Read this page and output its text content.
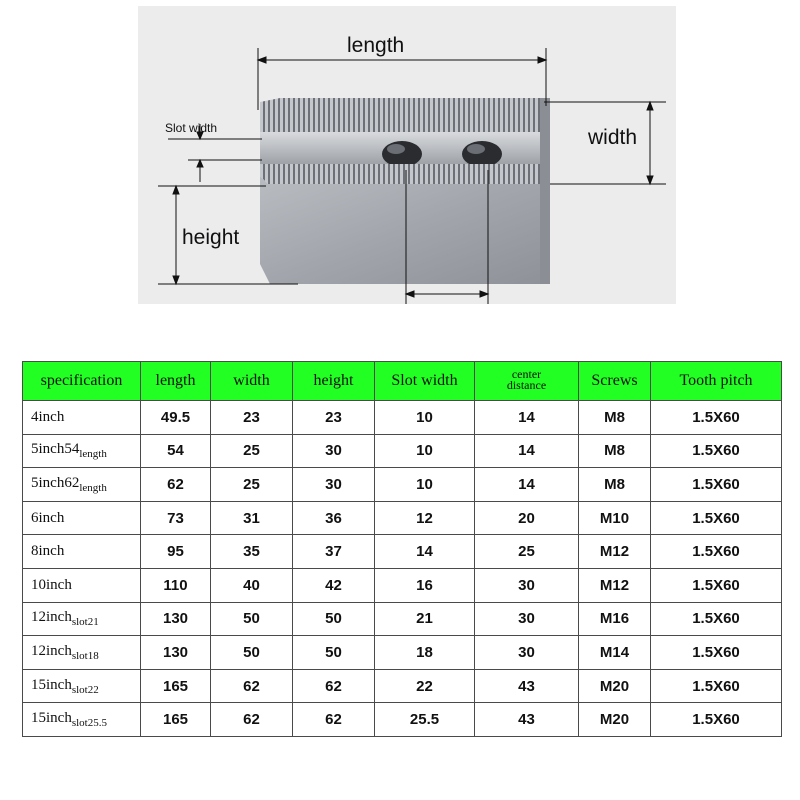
length
width
height
Slot width
specification	length	width	height	Slot width	center distance	Screws	Tooth pitch
4inch	49.5	23	23	10	14	M8	1.5X60
$5inch54_{length}$	54	25	30	10	14	M8	1.5X60
$5inch62_{length}$	62	25	30	10	14	M8	1.5X60
6inch	73	31	36	12	20	M10	1.5X60
8inch	95	35	37	14	25	M12	1.5X60
10inch	110	40	42	16	30	M12	1.5X60
12inch$_{slot21}$	130	50	50	21	30	M16	1.5X60
12inch$_{slot18}$	130	50	50	18	30	M14	1.5X60
15inch$_{slot22}$	165	62	62	22	43	M20	1.5X60
15inch$_{slot25.5}$	165	62	62	25.5	43	M20	1.5X60
